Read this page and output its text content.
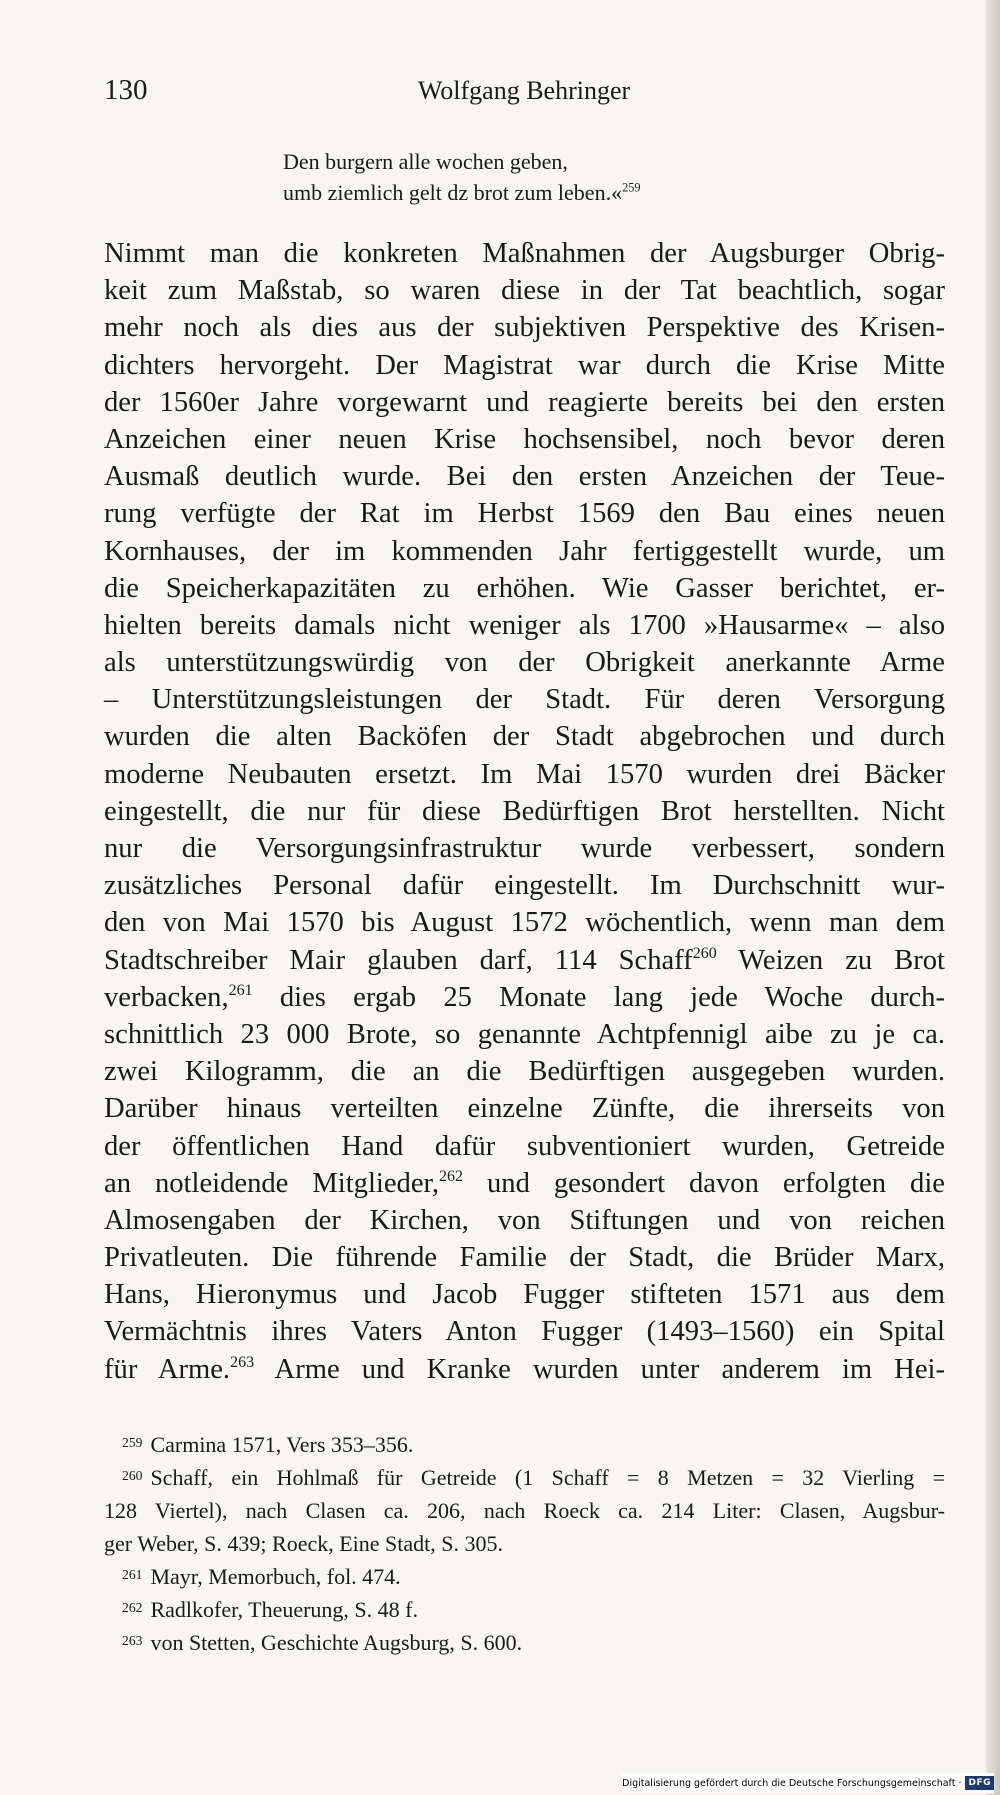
130	Wolfgang Behringer
Den burgern alle wochen geben,
umb ziemlich gelt dz brot zum leben.«$^{259}$
Nimmt man die konkreten Maßnahmen der Augsburger Obrig-
keit zum Maßstab, so waren diese in der Tat beachtlich, sogar
mehr noch als dies aus der subjektiven Perspektive des Krisen-
dichters hervorgeht. Der Magistrat war durch die Krise Mitte
der 1560er Jahre vorgewarnt und reagierte bereits bei den ersten
Anzeichen einer neuen Krise hochsensibel, noch bevor deren
Ausmaß deutlich wurde. Bei den ersten Anzeichen der Teue-
rung verfügte der Rat im Herbst 1569 den Bau eines neuen
Kornhauses, der im kommenden Jahr fertiggestellt wurde, um
die Speicherkapazitäten zu erhöhen. Wie Gasser berichtet, er-
hielten bereits damals nicht weniger als 1700 »Hausarme« – also
als unterstützungswürdig von der Obrigkeit anerkannte Arme
– Unterstützungsleistungen der Stadt. Für deren Versorgung
wurden die alten Backöfen der Stadt abgebrochen und durch
moderne Neubauten ersetzt. Im Mai 1570 wurden drei Bäcker
eingestellt, die nur für diese Bedürftigen Brot herstellten. Nicht
nur die Versorgungsinfrastruktur wurde verbessert, sondern
zusätzliches Personal dafür eingestellt. Im Durchschnitt wur-
den von Mai 1570 bis August 1572 wöchentlich, wenn man dem
Stadtschreiber Mair glauben darf, 114 Schaff$^{260}$ Weizen zu Brot
verbacken,$^{261}$ dies ergab 25 Monate lang jede Woche durch-
schnittlich 23 000 Brote, so genannte Achtpfennigl aibe zu je ca.
zwei Kilogramm, die an die Bedürftigen ausgegeben wurden.
Darüber hinaus verteilten einzelne Zünfte, die ihrerseits von
der öffentlichen Hand dafür subventioniert wurden, Getreide
an notleidende Mitglieder,$^{262}$ und gesondert davon erfolgten die
Almosengaben der Kirchen, von Stiftungen und von reichen
Privatleuten. Die führende Familie der Stadt, die Brüder Marx,
Hans, Hieronymus und Jacob Fugger stifteten 1571 aus dem
Vermächtnis ihres Vaters Anton Fugger (1493–1560) ein Spital
für Arme.$^{263}$ Arme und Kranke wurden unter anderem im Hei-
$^{259}$ Carmina 1571, Vers 353–356.
$^{260}$ Schaff, ein Hohlmaß für Getreide (1 Schaff = 8 Metzen = 32 Vierling =
128 Viertel), nach Clasen ca. 206, nach Roeck ca. 214 Liter: Clasen, Augsbur-
ger Weber, S. 439; Roeck, Eine Stadt, S. 305.
$^{261}$ Mayr, Memorbuch, fol. 474.
$^{262}$ Radlkofer, Theuerung, S. 48 f.
$^{263}$ von Stetten, Geschichte Augsburg, S. 600.
Digitalisierung gefördert durch die Deutsche Forschungsgemeinschaft · DFG
